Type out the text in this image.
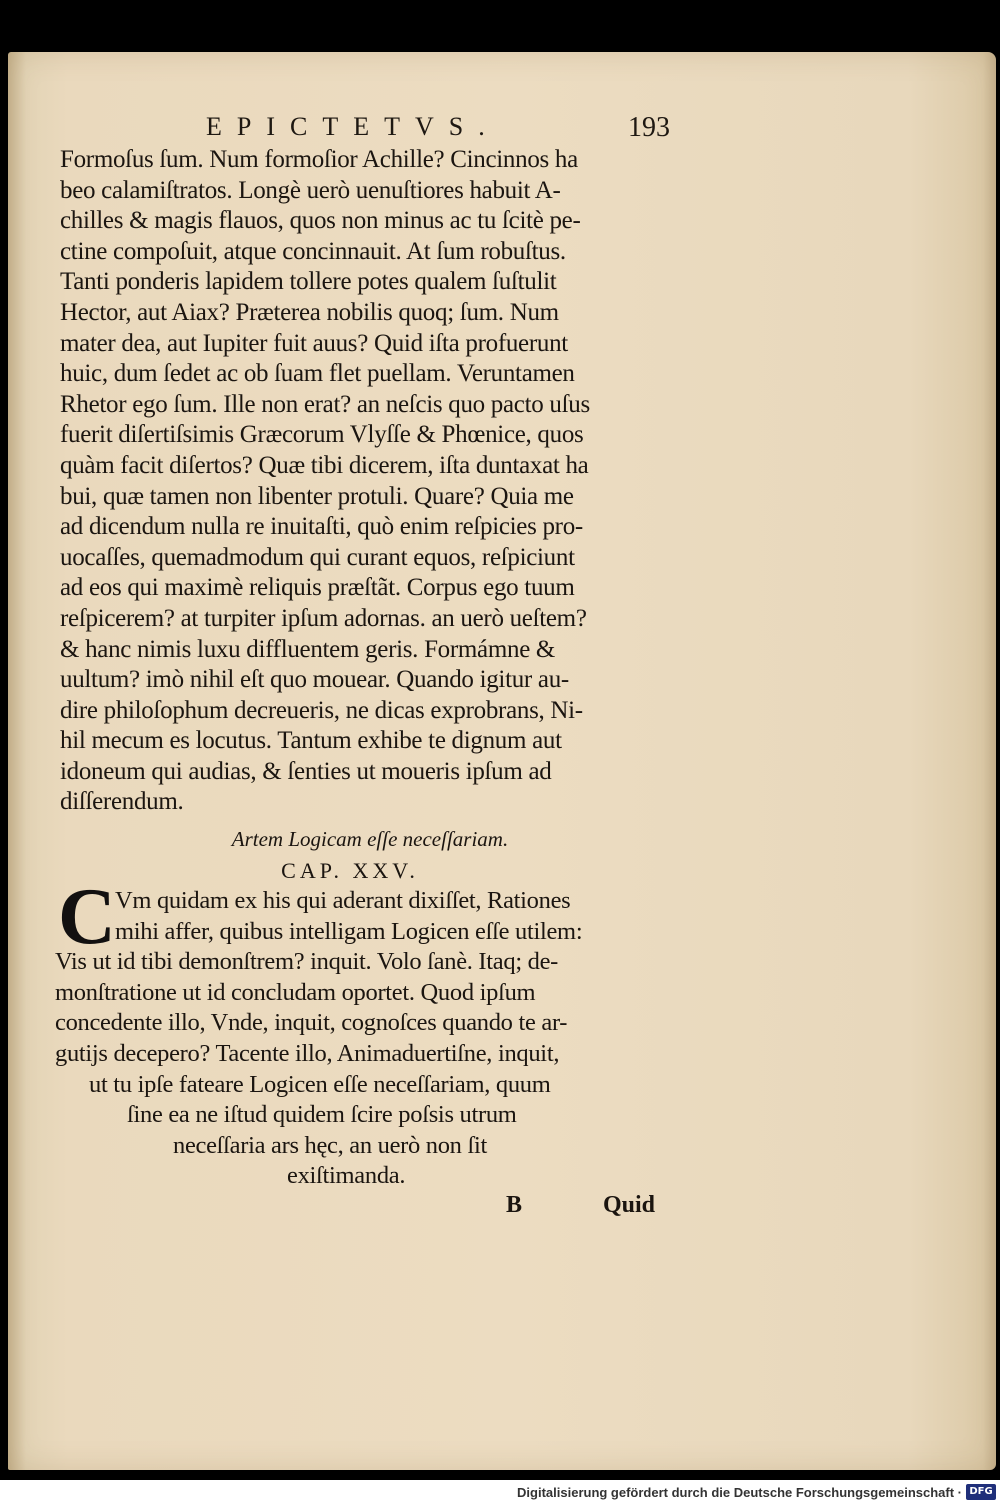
EPICTETVS.	193
Formoſus ſum. Num formoſior Achille? Cincinnos ha
beo calamiſtratos. Longè uerò uenuſtiores habuit A-
chilles & magis flauos, quos non minus ac tu ſcitè pe-
ctine compoſuit, atque concinnauit. At ſum robuſtus.
Tanti ponderis lapidem tollere potes qualem ſuſtulit
Hector, aut Aiax? Præterea nobilis quoq; ſum. Num
mater dea, aut Iupiter fuit auus? Quid iſta profuerunt
huic, dum ſedet ac ob ſuam flet puellam. Veruntamen
Rhetor ego ſum. Ille non erat? an neſcis quo pacto uſus
fuerit diſertiſsimis Græcorum Vlyſſe & Phœnice, quos
quàm facit diſertos? Quæ tibi dicerem, iſta duntaxat ha
bui, quæ tamen non libenter protuli. Quare? Quia me
ad dicendum nulla re inuitaſti, quò enim reſpicies pro-
uocaſſes, quemadmodum qui curant equos, reſpiciunt
ad eos qui maximè reliquis præſtãt. Corpus ego tuum
reſpicerem? at turpiter ipſum adornas. an uerò ueſtem?
& hanc nimis luxu diffluentem geris. Formámne &
uultum? imò nihil eſt quo mouear. Quando igitur au-
dire philoſophum decreueris, ne dicas exprobrans, Ni-
hil mecum es locutus. Tantum exhibe te dignum aut
idoneum qui audias, & ſenties ut moueris ipſum ad
diſſerendum.
Artem Logicam eſſe neceſſariam.
CAP. XXV.
C Vm quidam ex his qui aderant dixiſſet, Rationes
mihi affer, quibus intelligam Logicen eſſe utilem:
Vis ut id tibi demonſtrem? inquit. Volo ſanè. Itaq; de-
monſtratione ut id concludam oportet. Quod ipſum
concedente illo, Vnde, inquit, cognoſces quando te ar-
gutijs decepero? Tacente illo, Animaduertiſne, inquit,
ut tu ipſe fateare Logicen eſſe neceſſariam, quum
ſine ea ne iſtud quidem ſcire poſsis utrum
neceſſaria ars hęc, an uerò non ſit
exiſtimanda.
B	Quid
Digitalisierung gefördert durch die Deutsche Forschungsgemeinschaft · DFG
